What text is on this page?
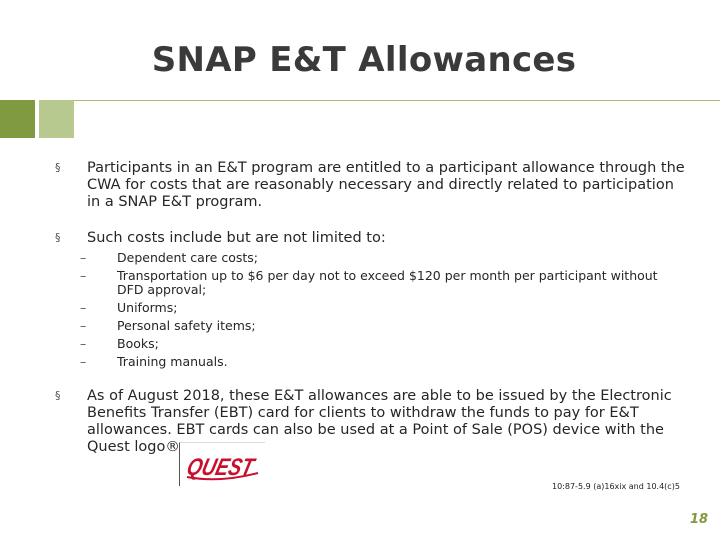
SNAP E&T Allowances
§ Participants in an E&T program are entitled to a participant allowance through the CWA for costs that are reasonably necessary and directly related to participation in a SNAP E&T program.
§ Such costs include but are not limited to:
–	Dependent care costs;
–	Transportation up to $6 per day not to exceed $120 per month per participant without DFD approval;
–	Uniforms;
–	Personal safety items;
–	Books;
–	Training manuals.
§ As of August 2018, these E&T allowances are able to be issued by the Electronic Benefits Transfer (EBT) card for clients to withdraw the funds to pay for E&T allowances. EBT cards can also be used at a Point of Sale (POS) device with the Quest logo®
QUEST
10:87-5.9 (a)16xix and 10.4(c)5
18
